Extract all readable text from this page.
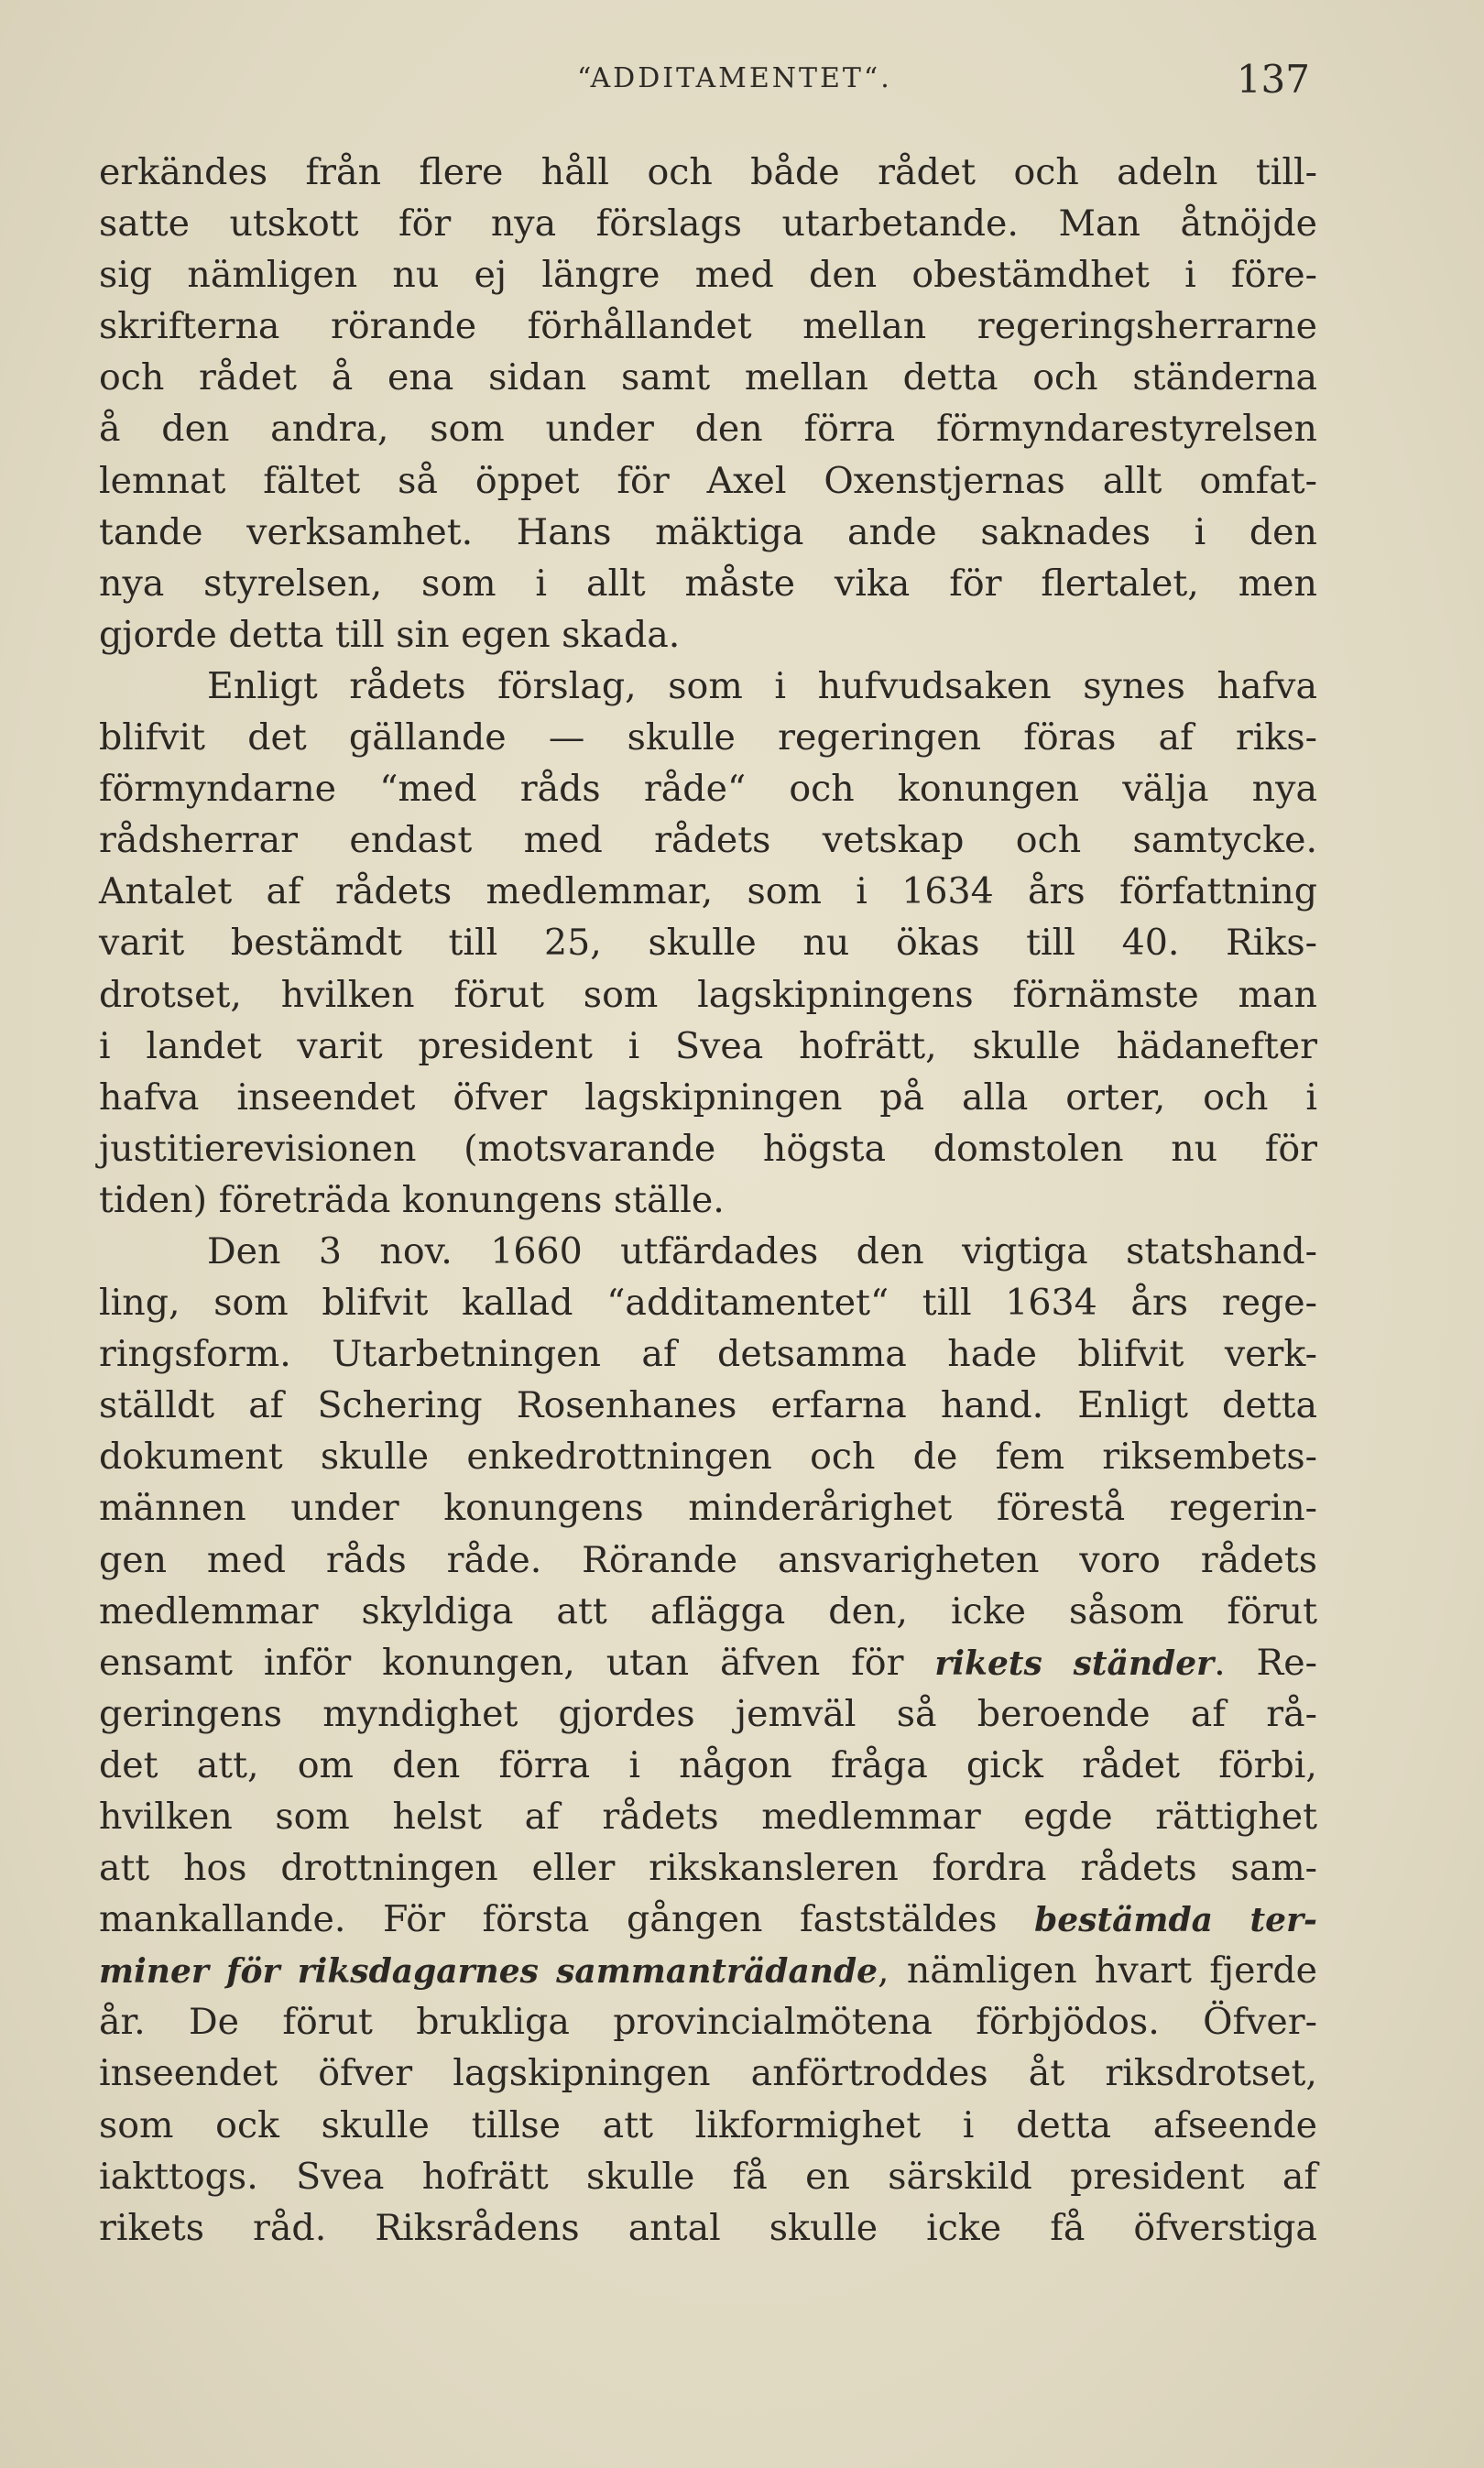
“ADDITAMENTET“.	137
erkändes från flere håll och både rådet och adeln till-
satte utskott för nya förslags utarbetande. Man åtnöjde
sig nämligen nu ej längre med den obestämdhet i före-
skrifterna rörande förhållandet mellan regeringsherrarne
och rådet å ena sidan samt mellan detta och ständerna
å den andra, som under den förra förmyndarestyrelsen
lemnat fältet så öppet för Axel Oxenstjernas allt omfat-
tande verksamhet. Hans mäktiga ande saknades i den
nya styrelsen, som i allt måste vika för flertalet, men
gjorde detta till sin egen skada.
Enligt rådets förslag, som i hufvudsaken synes hafva
blifvit det gällande — skulle regeringen föras af riks-
förmyndarne “med råds råde“ och konungen välja nya
rådsherrar endast med rådets vetskap och samtycke.
Antalet af rådets medlemmar, som i 1634 års författning
varit bestämdt till 25, skulle nu ökas till 40. Riks-
drotset, hvilken förut som lagskipningens förnämste man
i landet varit president i Svea hofrätt, skulle hädanefter
hafva inseendet öfver lagskipningen på alla orter, och i
justitierevisionen (motsvarande högsta domstolen nu för
tiden) företräda konungens ställe.
Den 3 nov. 1660 utfärdades den vigtiga statshand-
ling, som blifvit kallad “additamentet“ till 1634 års rege-
ringsform. Utarbetningen af detsamma hade blifvit verk-
ställdt af Schering Rosenhanes erfarna hand. Enligt detta
dokument skulle enkedrottningen och de fem riksembets-
männen under konungens minderårighet förestå regerin-
gen med råds råde. Rörande ansvarigheten voro rådets
medlemmar skyldiga att aflägga den, icke såsom förut
ensamt inför konungen, utan äfven för rikets ständer. Re-
geringens myndighet gjordes jemväl så beroende af rå-
det att, om den förra i någon fråga gick rådet förbi,
hvilken som helst af rådets medlemmar egde rättighet
att hos drottningen eller rikskansleren fordra rådets sam-
mankallande. För första gången faststäldes bestämda ter-
miner för riksdagarnes sammanträdande, nämligen hvart fjerde
år. De förut brukliga provincialmötena förbjödos. Öfver-
inseendet öfver lagskipningen anförtroddes åt riksdrotset,
som ock skulle tillse att likformighet i detta afseende
iakttogs. Svea hofrätt skulle få en särskild president af
rikets råd. Riksrådens antal skulle icke få öfverstiga
